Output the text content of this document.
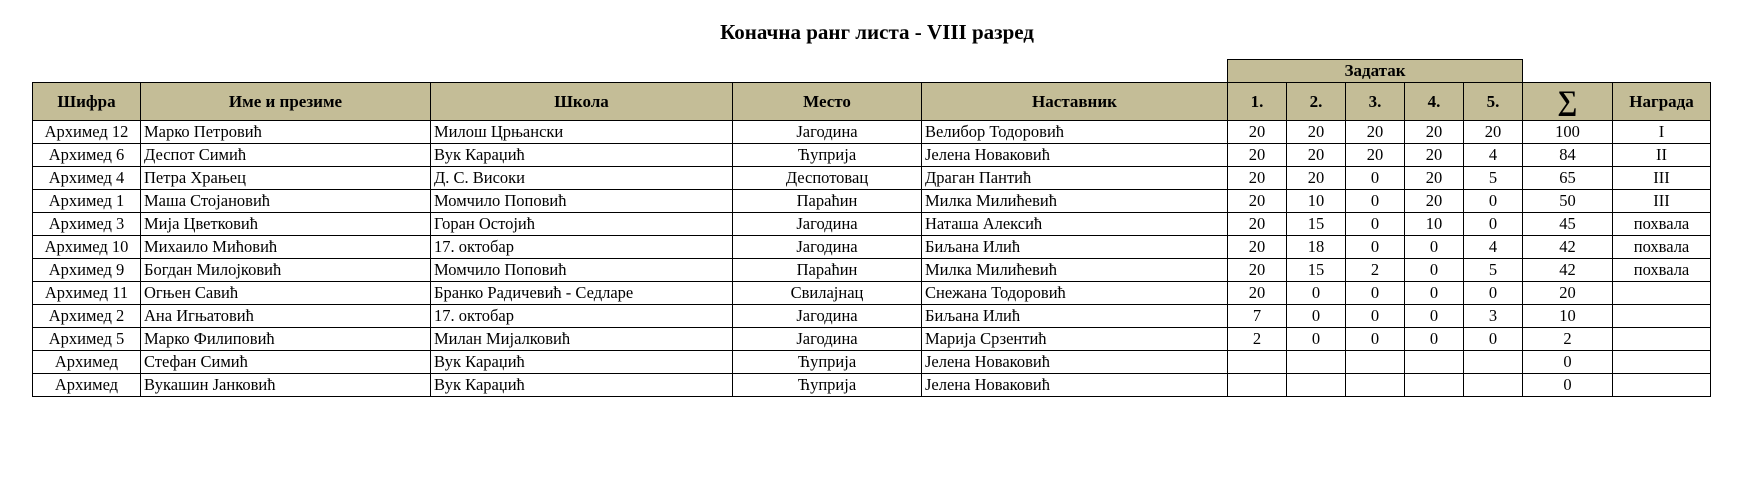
Коначна ранг листа - VIII разред
					Задатак						
Шифра	Име и презиме	Школа	Место	Наставник	1.	2.	3.	4.	5.	∑	Награда
Архимед 12	Марко Петровић	Милош Црњански	Јагодина	Велибор Тодоровић	20	20	20	20	20	100	I
Архимед 6	Деспот Симић	Вук Караџић	Ћуприја	Јелена Новаковић	20	20	20	20	4	84	II
Архимед 4	Петра Храњец	Д. С. Високи	Деспотовац	Драган Пантић	20	20	0	20	5	65	III
Архимед 1	Маша Стојановић	Момчило Поповић	Параћин	Милка Милићевић	20	10	0	20	0	50	III
Архимед 3	Мија Цветковић	Горан Остојић	Јагодина	Наташа Алексић	20	15	0	10	0	45	похвала
Архимед 10	Михаило Мићовић	17. октобар	Јагодина	Биљана Илић	20	18	0	0	4	42	похвала
Архимед 9	Богдан Милојковић	Момчило Поповић	Параћин	Милка Милићевић	20	15	2	0	5	42	похвала
Архимед 11	Огњен Савић	Бранко Радичевић - Седларе	Свилајнац	Снежана Тодоровић	20	0	0	0	0	20	
Архимед 2	Ана Игњатовић	17. октобар	Јагодина	Биљана Илић	7	0	0	0	3	10	
Архимед 5	Марко Филиповић	Милан Мијалковић	Јагодина	Марија Срзентић	2	0	0	0	0	2	
Архимед	Стефан Симић	Вук Караџић	Ћуприја	Јелена Новаковић						0	
Архимед	Вукашин Јанковић	Вук Караџић	Ћуприја	Јелена Новаковић						0	
